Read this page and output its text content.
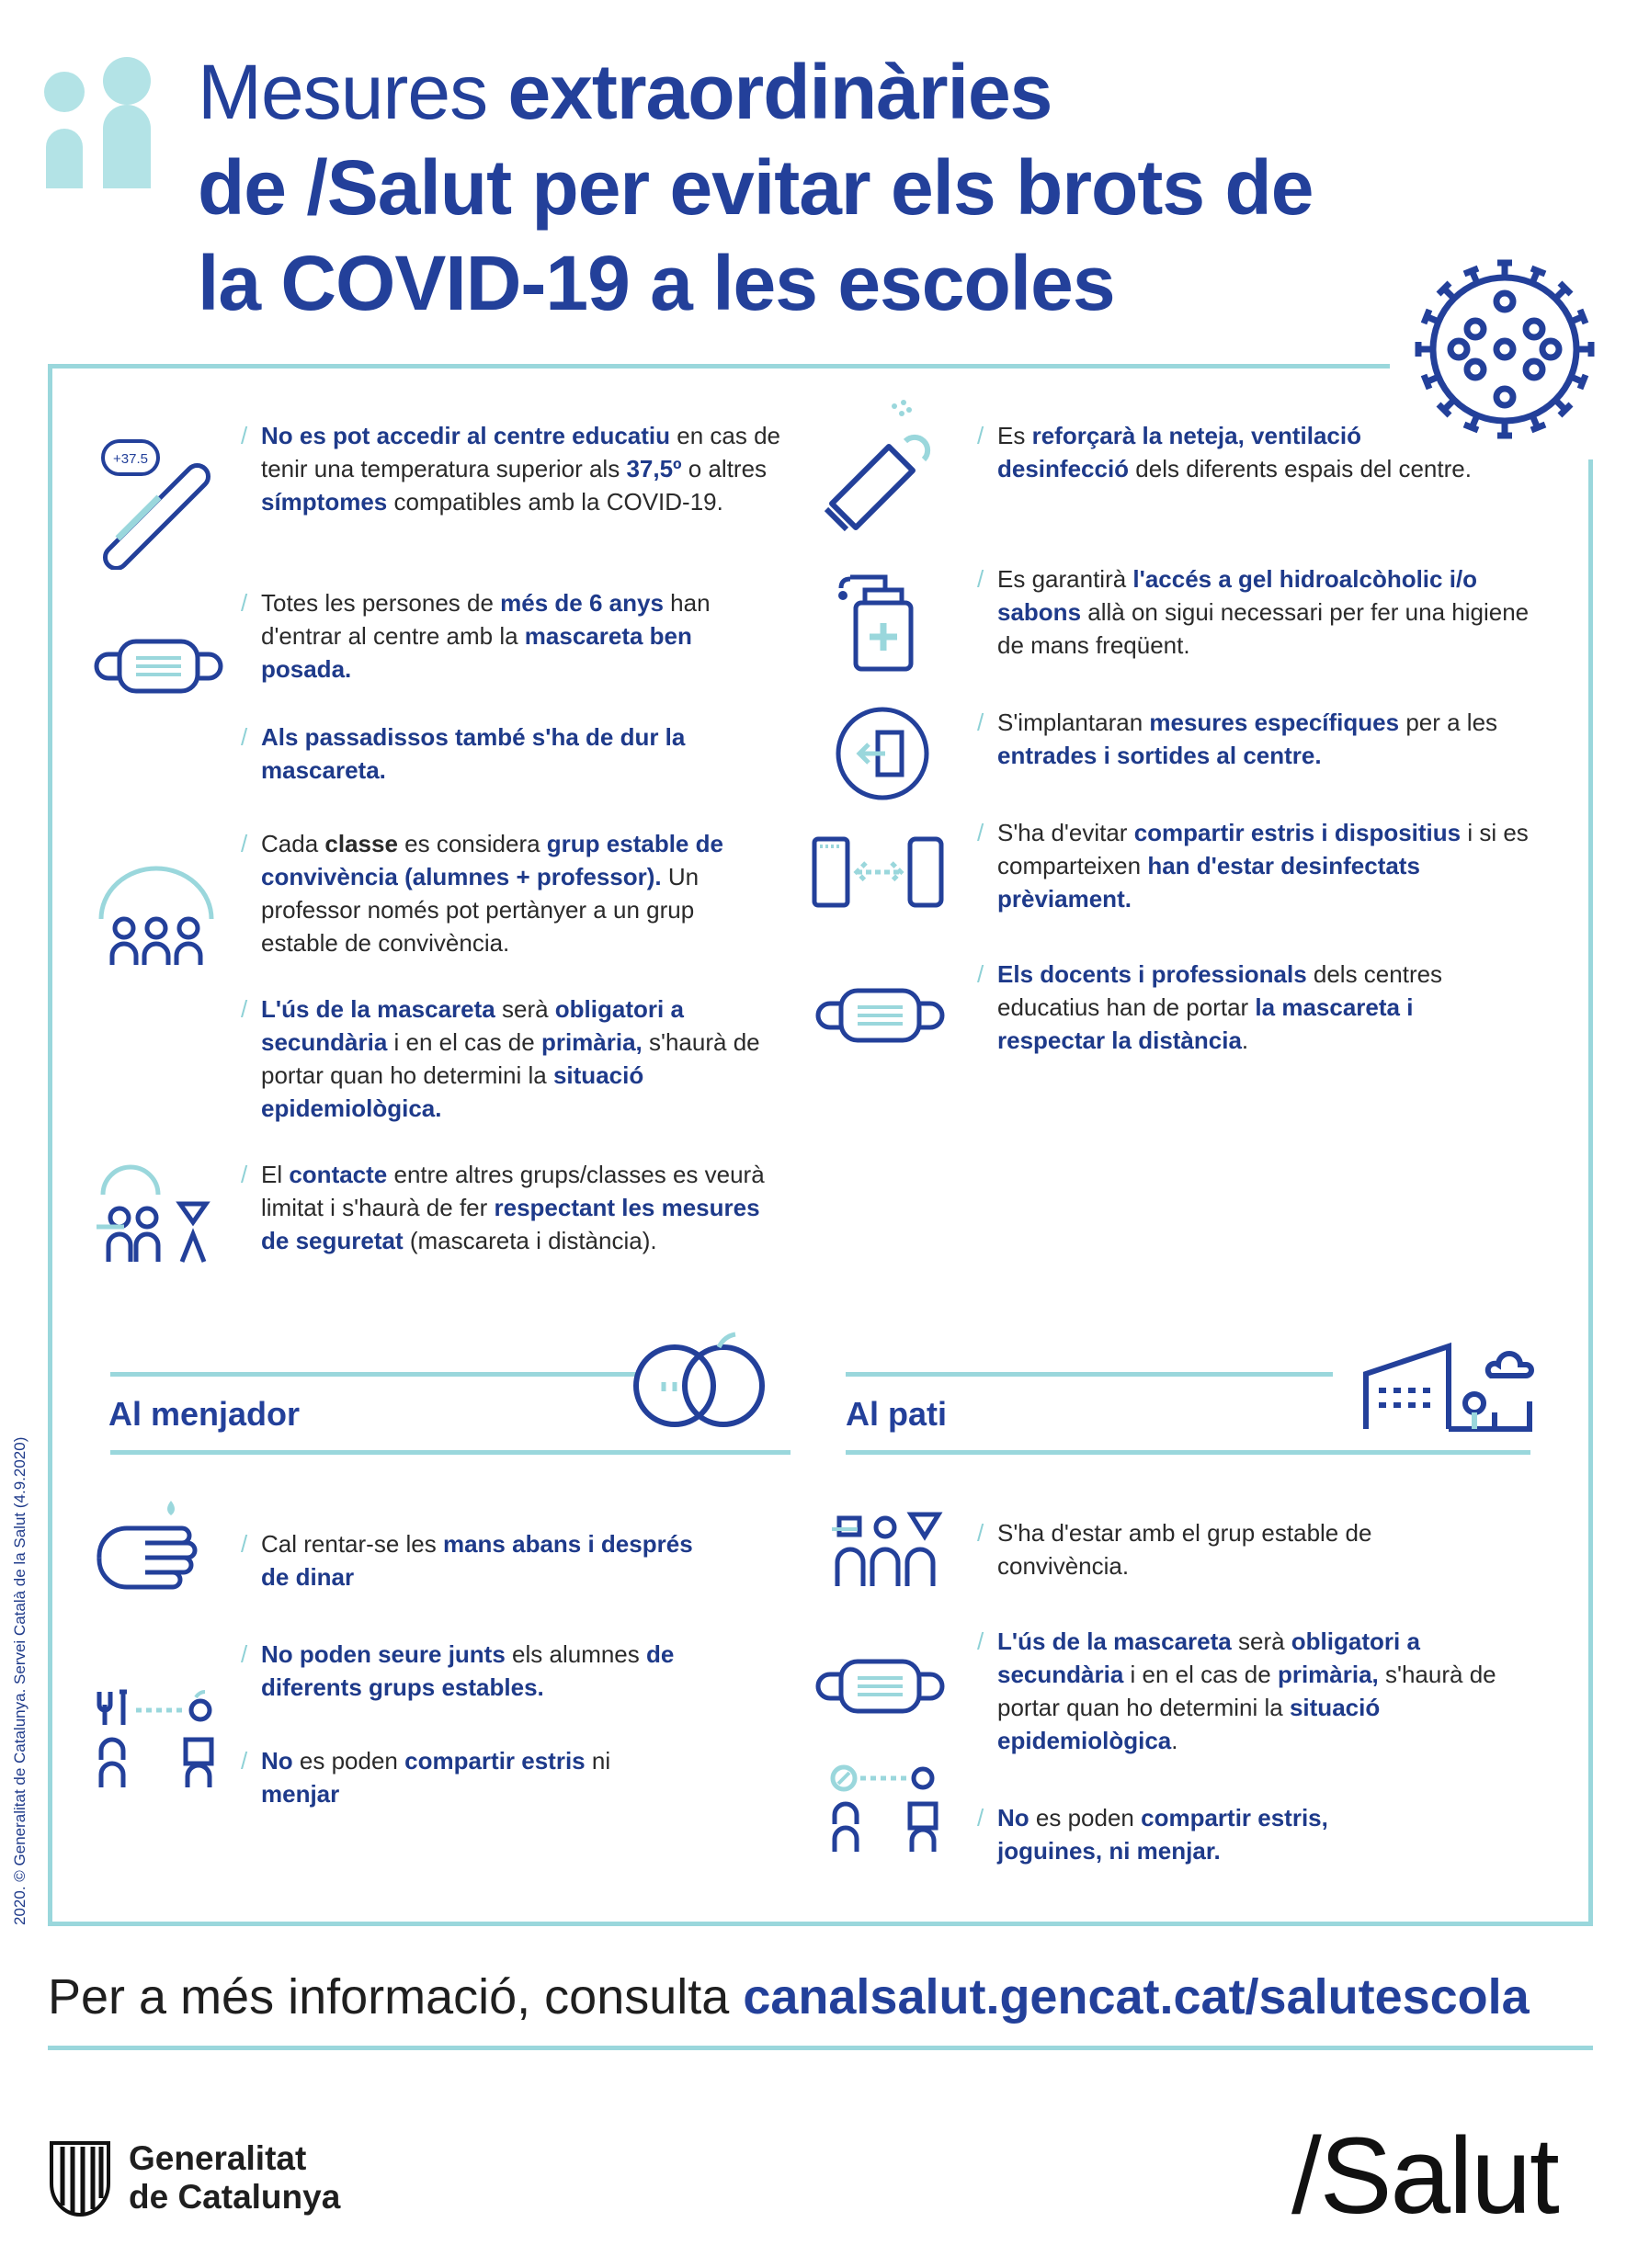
Mesures extraordinàries
de /Salut per evitar els brots de
la COVID-19 a les escoles
+37.5
/ No es pot accedir al centre educatiu en cas de tenir una temperatura superior als 37,5º o altres símptomes compatibles amb la COVID-19.
/ Totes les persones de més de 6 anys han d'entrar al centre amb la mascareta ben posada.
/ Als passadissos també s'ha de dur la mascareta.
/ Cada classe es considera grup estable de convivència (alumnes + professor). Un professor només pot pertànyer a un grup estable de convivència.
/ L'ús de la mascareta serà obligatori a secundària i en el cas de primària, s'haurà de portar quan ho determini la situació epidemiològica.
/ El contacte entre altres grups/classes es veurà limitat i s'haurà de fer respectant les mesures de seguretat (mascareta i distància).
/ Es reforçarà la neteja, ventilació desinfecció dels diferents espais del centre.
/ Es garantirà l'accés a gel hidroalcòholic i/o sabons allà on sigui necessari per fer una higiene de mans freqüent.
/ S'implantaran mesures específiques per a les entrades i sortides al centre.
/ S'ha d'evitar compartir estris i dispositius i si es comparteixen han d'estar desinfectats prèviament.
/ Els docents i professionals dels centres educatius han de portar la mascareta i respectar la distància.
Al menjador
/ Cal rentar-se les mans abans i després de dinar
/ No poden seure junts els alumnes de diferents grups estables.
/ No es poden compartir estris ni menjar
Al pati
/ S'ha d'estar amb el grup estable de convivència.
/ L'ús de la mascareta serà obligatori a secundària i en el cas de primària, s'haurà de portar quan ho determini la situació epidemiològica.
/ No es poden compartir estris, joguines, ni menjar.
Per a més informació, consulta canalsalut.gencat.cat/salutescola
Generalitat
de Catalunya	/Salut
2020. © Generalitat de Catalunya. Servei Català de la Salut (4.9.2020)
